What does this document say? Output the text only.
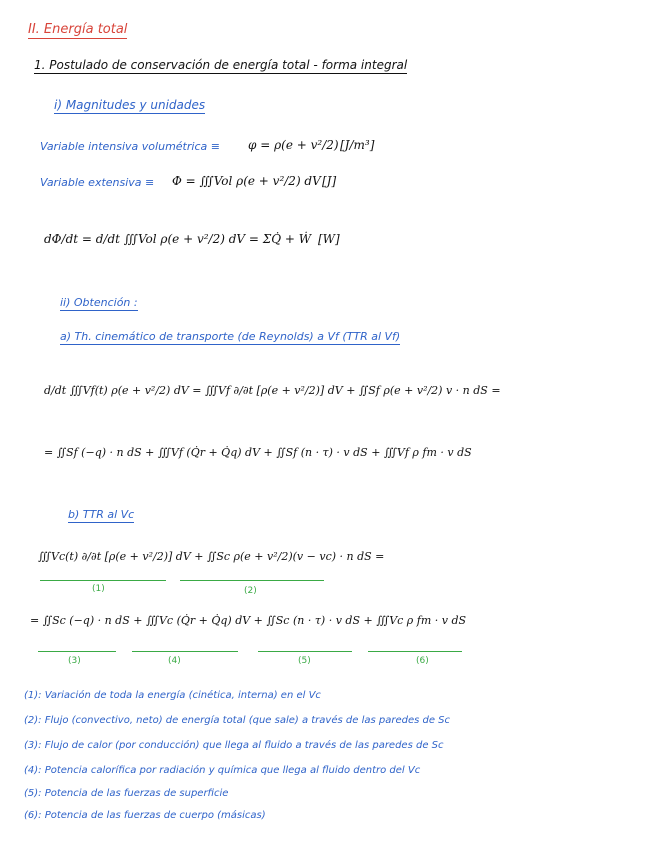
II. Energía total
1. Postulado de conservación de energía total - forma integral
i) Magnitudes y unidades
Variable intensiva volumétrica ≡ φ = ρ(e + v²/2) [J/m³]
Variable extensiva ≡ Φ = ∭Vol ρ(e + v²/2) dV [J]
dΦ/dt = d/dt ∭Vol ρ(e + v²/2) dV = ΣQ̇ + Ẇ [W]
ii) Obtención :
a) Th. cinemático de transporte (de Reynolds) a Vf (TTR al Vf)
d/dt ∭Vf(t) ρ(e + v²/2) dV = ∭Vf ∂/∂t [ρ(e + v²/2)] dV + ∬Sf ρ(e + v²/2) v · n dS =
= ∬Sf (−q) · n dS + ∭Vf (Q̇r + Q̇q) dV + ∬Sf (n · τ) · v dS + ∭Vf ρ fm · v dS
b) TTR al Vc
∭Vc(t) ∂/∂t [ρ(e + v²/2)] dV + ∬Sc ρ(e + v²/2)(v − vc) · n dS =
(1)	(2)
= ∬Sc (−q) · n dS + ∭Vc (Q̇r + Q̇q) dV + ∬Sc (n · τ) · v dS + ∭Vc ρ fm · v dS
(3)	(4)	(5)	(6)
(1): Variación de toda la energía (cinética, interna) en el Vc
(2): Flujo (convectivo, neto) de energía total (que sale) a través de las paredes de Sc
(3): Flujo de calor (por conducción) que llega al fluido a través de las paredes de Sc
(4): Potencia calorífica por radiación y química que llega al fluido dentro del Vc
(5): Potencia de las fuerzas de superficie
(6): Potencia de las fuerzas de cuerpo (másicas)
